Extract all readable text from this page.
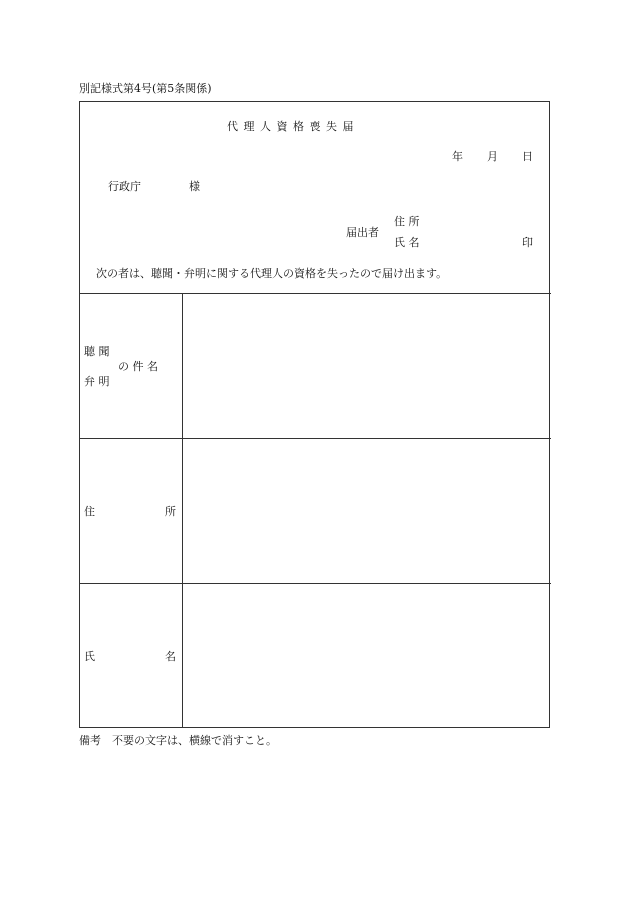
別記様式第4号(第5条関係)
代 理 人 資 格 喪 失 届
年 月 日
行政庁	様
届出者
住 所
氏 名	印
次の者は、聴聞・弁明に関する代理人の資格を失ったので届け出ます。
聴 聞
弁 明
の 件 名
住	所
氏	名
備考　不要の文字は、横線で消すこと。
